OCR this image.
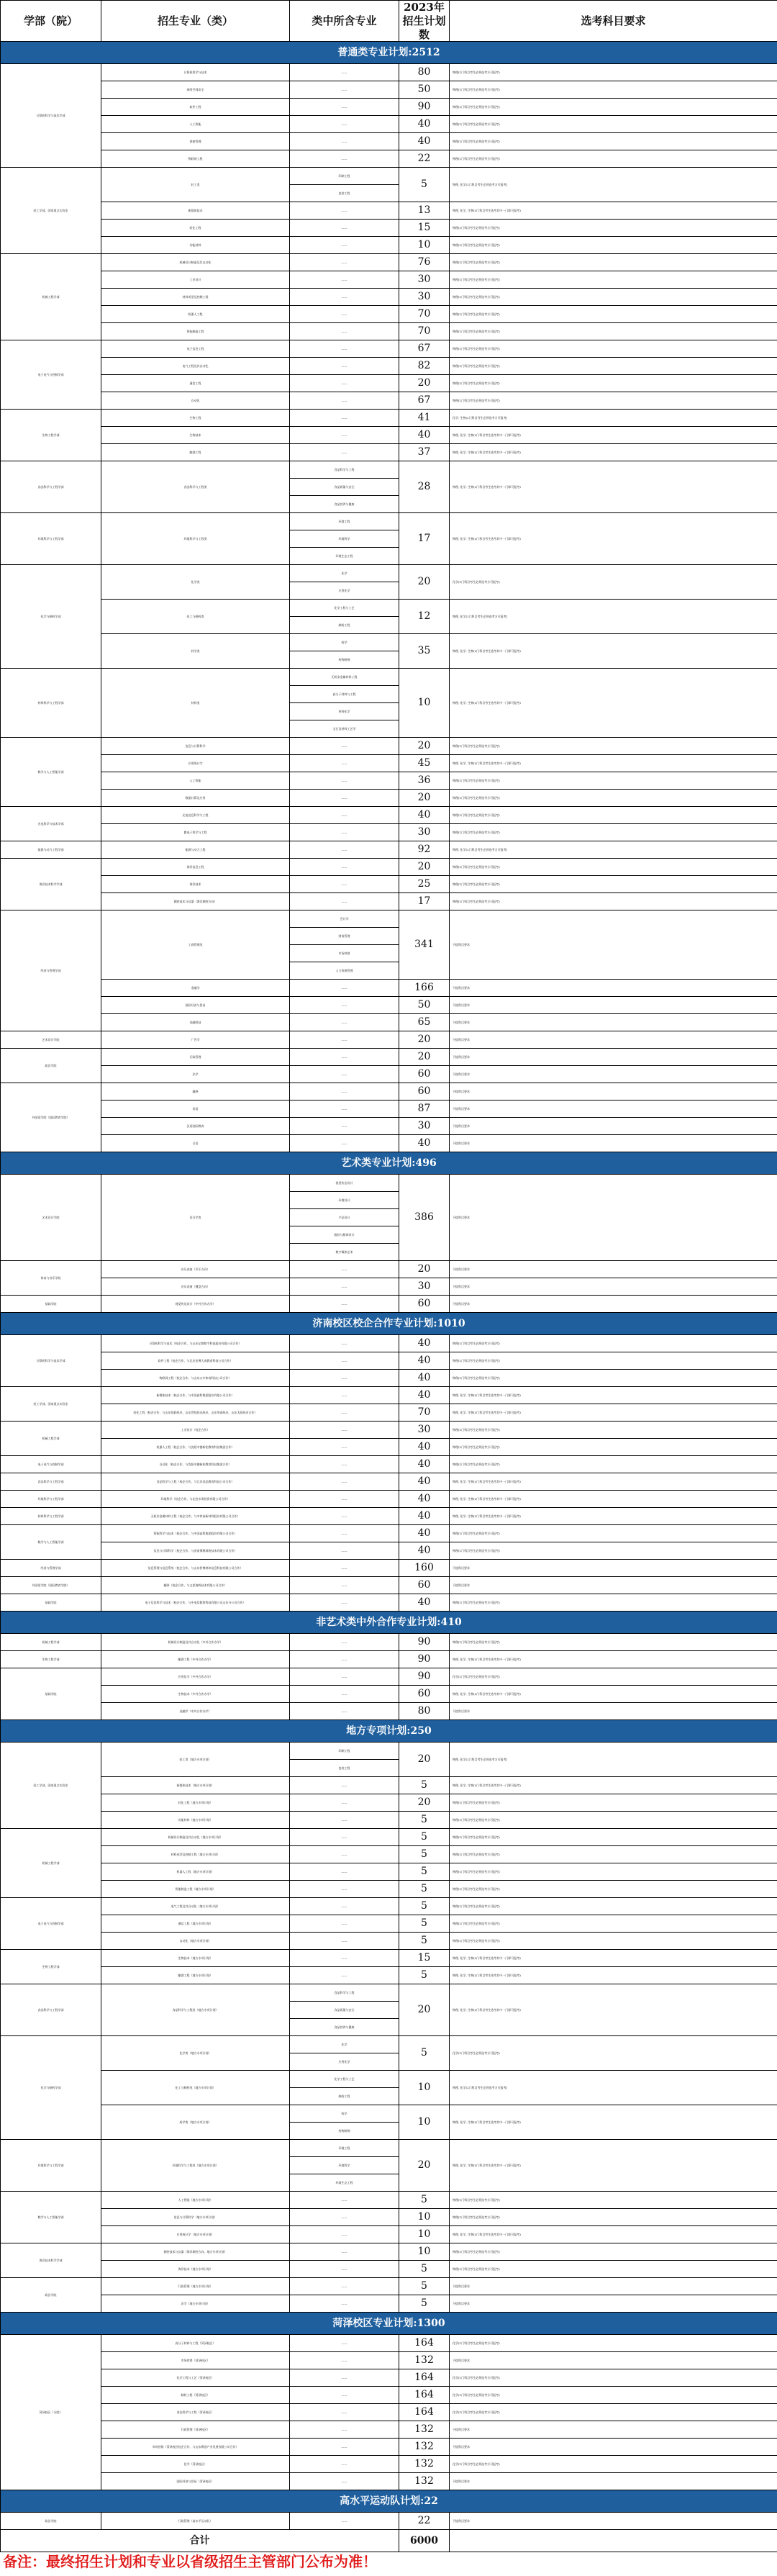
学部（院）	招生专业（类）	类中所含专业	2023年招生计划数	选考科目要求
普通类专业计划:2512				
计算机科学与技术学部	计算机科学与技术	——	80	物理(1门科目考生必须选考方可报考)
	网络空间安全	——	50	物理(1门科目考生必须选考方可报考)
	软件工程	——	90	物理(1门科目考生必须选考方可报考)
	人工智能	——	40	物理(1门科目考生必须选考方可报考)
	保密管理	——	40	物理(1门科目考生必须选考方可报考)
	物联网工程	——	22	物理(1门科目考生必须选考方可报考)
轻工学部、国家重点实验室	轻工类	印刷工程	5	物理, 化学(2门科目考生必须选考方可报考)
		包装工程		
	新媒体技术	——	13	物理, 化学, 生物(3门科目考生选考其中一门即可报考)
	轻化工程	——	15	物理(1门科目考生必须选考方可报考)
	功能材料	——	10	物理(1门科目考生必须选考方可报考)
机械工程学部	机械设计制造及其自动化	——	76	物理(1门科目考生必须选考方可报考)
	工业设计	——	30	物理(1门科目考生必须选考方可报考)
	材料成型及控制工程	——	30	物理(1门科目考生必须选考方可报考)
	机器人工程	——	70	物理(1门科目考生必须选考方可报考)
	智能制造工程	——	70	物理(1门科目考生必须选考方可报考)
电子电气与控制学部	电子信息工程	——	67	物理(1门科目考生必须选考方可报考)
	电气工程及其自动化	——	82	物理(1门科目考生必须选考方可报考)
	通信工程	——	20	物理(1门科目考生必须选考方可报考)
	自动化	——	67	物理(1门科目考生必须选考方可报考)
生物工程学部	生物工程	——	41	化学, 生物(2门科目考生必须选考方可报考)
	生物技术	——	40	物理, 化学, 生物(3门科目考生选考其中一门即可报考)
	酿酒工程	——	37	物理, 化学, 生物(3门科目考生选考其中一门即可报考)
食品科学与工程学部	食品科学与工程类	食品科学与工程	28	物理, 化学, 生物(3门科目考生选考其中一门即可报考)
		食品质量与安全		
		食品营养与健康		
环境科学与工程学部	环境科学与工程类	环境工程	17	物理, 化学, 生物(3门科目考生选考其中一门即可报考)
		环境科学		
		环境生态工程		
化学与制药学部	化学类	化学	20	化学(1门科目考生必须选考方可报考)
		应用化学		
	化工与制药类	化学工程与工艺	12	物理, 化学(2门科目考生必须选考方可报考)
		制药工程		
	药学类	药学	35	物理, 化学, 生物(3门科目考生选考其中一门即可报考)
		药物制剂		
材料科学与工程学部	材料类	无机非金属材料工程	10	物理, 化学, 生物(3门科目考生选考其中一门即可报考)
		高分子材料与工程		
		材料化学		
		宝石及材料工艺学		
数学与人工智能学部	信息与计算科学	——	20	物理(1门科目考生必须选考方可报考)
	应用统计学	——	45	物理, 化学, 生物(3门科目考生选考其中一门即可报考)
	人工智能	——	36	物理(1门科目考生必须选考方可报考)
	数据计算及应用	——	20	物理(1门科目考生必须选考方可报考)
光电科学与技术学部	光电信息科学与工程	——	40	物理(1门科目考生必须选考方可报考)
	微电子科学与工程	——	30	物理(1门科目考生必须选考方可报考)
能源与动力工程学部	能源与动力工程	——	92	物理, 化学(2门科目考生必须选考方可报考)
海洋技术科学学部	海洋信息工程	——	20	物理(1门科目考生必须选考方可报考)
	海洋技术	——	25	物理(1门科目考生必须选考方可报考)
	测控技术与仪器（海洋测控方向）	——	17	物理(1门科目考生必须选考方可报考)
经济与管理学部	工商管理类	会计学	341	不提科目要求
		财务管理		
		市场营销		
		人力资源管理		
	金融学	——	166	不提科目要求
	国际经济与贸易	——	50	不提科目要求
	金融科技	——	65	不提科目要求
艺术设计学院	广告学	——	20	不提科目要求
政法学院	行政管理	——	20	不提科目要求
	法学	——	60	不提科目要求
外国语学院（国际教育学院）	翻译	——	60	不提科目要求
	英语	——	87	不提科目要求
	汉语国际教育	——	30	不提科目要求
	日语	——	40	不提科目要求
艺术类专业计划:496				
艺术设计学院	设计学类	视觉传达设计	386	不提科目要求
		环境设计		
		产品设计		
		服装与服饰设计		
		数字媒体艺术		
体育与音乐学院	音乐表演（声乐方向）	——	20	不提科目要求
	音乐表演（键盘方向）	——	30	不提科目要求
基础学院	视觉传达设计（中外合作办学）	——	60	不提科目要求
济南校区校企合作专业计划:1010				
计算机科学与技术学部	计算机科学与技术（校企合作，与山东亿维数字科技股份有限公司合作）	——	40	物理(1门科目考生必须选考方可报考)
	软件工程（校企合作，与北京安博大成教育科技公司合作）	——	40	物理(1门科目考生必须选考方可报考)
	物联网工程（校企合作，与山东五中体育科技公司合作）	——	40	物理(1门科目考生必须选考方可报考)
轻工学部、国家重点实验室	新媒体技术（校企合作，与中国高科集团股份有限公司合作）	——	40	物理, 化学, 生物(3门科目考生选考其中一门即可报考)
	轻化工程（校企合作，与山东恒联纸业、山东世纪阳光纸业、山东华泰纸业、山东太阳纸业合作）	——	70	物理, 化学, 生物(3门科目考生选考其中一门即可报考)
机械工程学部	工业设计（校企合作）	——	30	物理(1门科目考生必须选考方可报考)
	机器人工程（校企合作，与沈阳中德新松教育科技集团合作）	——	40	物理(1门科目考生必须选考方可报考)
电子电气与控制学部	自动化（校企合作，与沈阳中德新松教育科技集团合作）	——	40	物理(1门科目考生必须选考方可报考)
食品科学与工程学部	食品科学与工程（校企合作，与江苏食品教育科技公司合作）	——	40	物理, 化学, 生物(3门科目考生选考其中一门即可报考)
环境科学与工程学部	环境科学（校企合作，与北控水务投资有限公司合作）	——	40	物理, 化学, 生物(3门科目考生选考其中一门即可报考)
材料科学与工程学部	无机非金属材料工程（校企合作，与中材高新材料股份有限公司合作）	——	40	物理, 化学, 生物(3门科目考生选考其中一门即可报考)
数学与人工智能学部	智能科学与技术（校企合作，与中国高科集团股份有限公司合作）	——	40	物理(1门科目考生必须选考方可报考)
	信息与计算科学（校企合作，与济南博赛网络技术有限公司合作）	——	40	物理(1门科目考生必须选考方可报考)
经济与管理学部	信息管理与信息系统（校企合作，与山东智博鸿伟信息科技有限公司合作）	——	160	不提科目要求
外国语学院（国际教育学院）	翻译（校企合作，与文思海辉技术有限公司合作）	——	60	不提科目要求
基础学院	电子信息科学与技术（校企合作，与中电信数智科技有限公司山东分公司合作）	——	40	物理(1门科目考生必须选考方可报考)
非艺术类中外合作专业计划:410				
机械工程学部	机械设计制造及其自动化（中外合作办学）	——	90	物理(1门科目考生必须选考方可报考)
生物工程学部	酿酒工程（中外合作办学）	——	90	物理, 化学, 生物(3门科目考生选考其中一门即可报考)
基础学院	应用化学（中外合作办学）	——	90	化学(1门科目考生必须选考方可报考)
	生物技术（中外合作办学）	——	60	物理, 化学, 生物(3门科目考生选考其中一门即可报考)
	金融学（中外合作办学）	——	80	不提科目要求
地方专项计划:250				
轻工学部、国家重点实验室	轻工类（地方专项计划）	印刷工程	20	物理, 化学(2门科目考生必须选考方可报考)
		包装工程		
	新媒体技术（地方专项计划）	——	5	物理, 化学, 生物(3门科目考生选考其中一门即可报考)
	轻化工程（地方专项计划）	——	20	物理(1门科目考生必须选考方可报考)
	功能材料（地方专项计划）	——	5	物理(1门科目考生必须选考方可报考)
机械工程学部	机械设计制造及其自动化（地方专项计划）	——	5	物理(1门科目考生必须选考方可报考)
	材料成型及控制工程（地方专项计划）	——	5	物理(1门科目考生必须选考方可报考)
	机器人工程（地方专项计划）	——	5	物理(1门科目考生必须选考方可报考)
	智能制造工程（地方专项计划）	——	5	物理(1门科目考生必须选考方可报考)
电子电气与控制学部	电气工程及其自动化（地方专项计划）	——	5	物理(1门科目考生必须选考方可报考)
	通信工程（地方专项计划）	——	5	物理(1门科目考生必须选考方可报考)
	自动化（地方专项计划）	——	5	物理(1门科目考生必须选考方可报考)
生物工程学部	生物技术（地方专项计划）	——	15	物理, 化学, 生物(3门科目考生选考其中一门即可报考)
	酿酒工程（地方专项计划）	——	5	物理, 化学, 生物(3门科目考生选考其中一门即可报考)
食品科学与工程学部	食品科学与工程类（地方专项计划）	食品科学与工程	20	物理, 化学, 生物(3门科目考生选考其中一门即可报考)
		食品质量与安全		
		食品营养与健康		
化学与制药学部	化学类（地方专项计划）	化学	5	化学(1门科目考生必须选考方可报考)
		应用化学		
	化工与制药类（地方专项计划）	化学工程与工艺	10	物理, 化学(2门科目考生必须选考方可报考)
		制药工程		
	药学类（地方专项计划）	药学	10	物理, 化学, 生物(3门科目考生选考其中一门即可报考)
		药物制剂		
环境科学与工程学部	环境科学与工程类（地方专项计划）	环境工程	20	物理, 化学, 生物(3门科目考生选考其中一门即可报考)
		环境科学		
		环境生态工程		
数学与人工智能学部	人工智能（地方专项计划）	——	5	物理(1门科目考生必须选考方可报考)
	信息与计算科学（地方专项计划）	——	10	物理(1门科目考生必须选考方可报考)
	应用统计学（地方专项计划）	——	10	物理, 化学, 生物(3门科目考生选考其中一门即可报考)
海洋技术科学学部	测控技术与仪器（海洋测控方向，地方专项计划）	——	10	物理(1门科目考生必须选考方可报考)
	海洋技术（地方专项计划）	——	5	物理(1门科目考生必须选考方可报考)
政法学院	行政管理（地方专项计划）	——	5	不提科目要求
	法学（地方专项计划）	——	5	不提科目要求
菏泽校区专业计划:1300				
菏泽校区（分院）	高分子材料与工程（菏泽校区）	——	164	化学(1门科目考生必须选考方可报考)
	市场营销（菏泽校区）	——	132	不提科目要求
	化学工程与工艺（菏泽校区）	——	164	化学(1门科目考生必须选考方可报考)
	制药工程（菏泽校区）	——	164	化学(1门科目考生必须选考方可报考)
	食品科学与工程（菏泽校区）	——	164	化学(1门科目考生必须选考方可报考)
	行政管理（菏泽校区）	——	132	不提科目要求
	市场营销（菏泽校区校企合作，与山东赛创产业发展有限公司合作）	——	132	不提科目要求
	化学（菏泽校区）	——	132	化学(1门科目考生必须选考方可报考)
	国际经济与贸易（菏泽校区）	——	132	不提科目要求
高水平运动队计划:22				
政法学院	行政管理（高水平运动队）	——	22	不提科目要求
合计			6000	
备注：最终招生计划和专业以省级招生主管部门公布为准！
